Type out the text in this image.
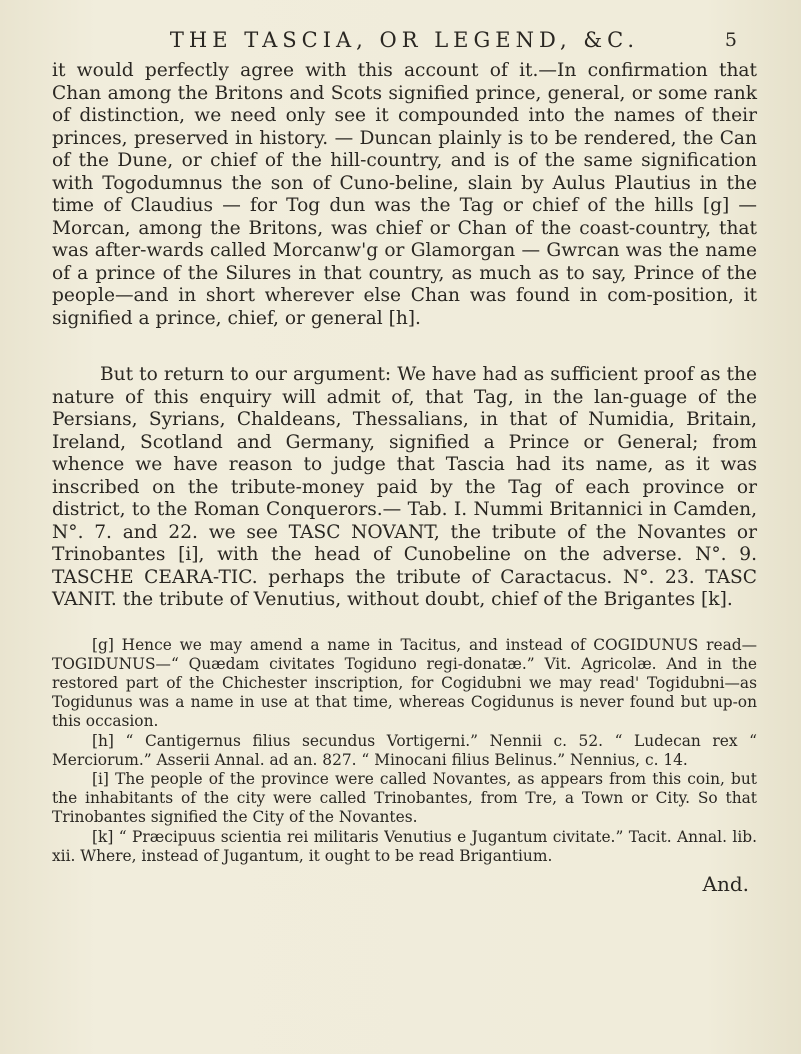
THE TASCIA, OR LEGEND, &C.	5

it would perfectly agree with this account of it.—In confirmation that Chan among the Britons and Scots signified prince, general, or some rank of distinction, we need only see it compounded into the names of their princes, preserved in history. — Duncan plainly is to be rendered, the Can of the Dune, or chief of the hill-country, and is of the same signification with Togodumnus the son of Cuno-beline, slain by Aulus Plautius in the time of Claudius — for Tog dun was the Tag or chief of the hills [g] — Morcan, among the Britons, was chief or Chan of the coast-country, that was after-wards called Morcanw'g or Glamorgan — Gwrcan was the name of a prince of the Silures in that country, as much as to say, Prince of the people—and in short wherever else Chan was found in com-position, it signified a prince, chief, or general [h].

But to return to our argument: We have had as sufficient proof as the nature of this enquiry will admit of, that Tag, in the lan-guage of the Persians, Syrians, Chaldeans, Thessalians, in that of Numidia, Britain, Ireland, Scotland and Germany, signified a Prince or General; from whence we have reason to judge that Tascia had its name, as it was inscribed on the tribute-money paid by the Tag of each province or district, to the Roman Conquerors.— Tab. I. Nummi Britannici in Camden, N°. 7. and 22. we see TASC NOVANT, the tribute of the Novantes or Trinobantes [i], with the head of Cunobeline on the adverse. N°. 9. TASCHE CEARA-TIC. perhaps the tribute of Caractacus. N°. 23. TASC VANIT. the tribute of Venutius, without doubt, chief of the Brigantes [k].

[g] Hence we may amend a name in Tacitus, and instead of COGIDUNUS read— TOGIDUNUS—“ Quædam civitates Togiduno regi-donatæ.” Vit. Agricolæ. And in the restored part of the Chichester inscription, for Cogidubni we may read' Togidubni—as Togidunus was a name in use at that time, whereas Cogidunus is never found but up-on this occasion.

[h] “ Cantigernus filius secundus Vortigerni.” Nennii c. 52. “ Ludecan rex “ Merciorum.” Asserii Annal. ad an. 827. “ Minocani filius Belinus.” Nennius, c. 14.

[i] The people of the province were called Novantes, as appears from this coin, but the inhabitants of the city were called Trinobantes, from Tre, a Town or City. So that Trinobantes signified the City of the Novantes.

[k] “ Præcipuus scientia rei militaris Venutius e Jugantum civitate.” Tacit. Annal. lib. xii. Where, instead of Jugantum, it ought to be read Brigantium.

And.
